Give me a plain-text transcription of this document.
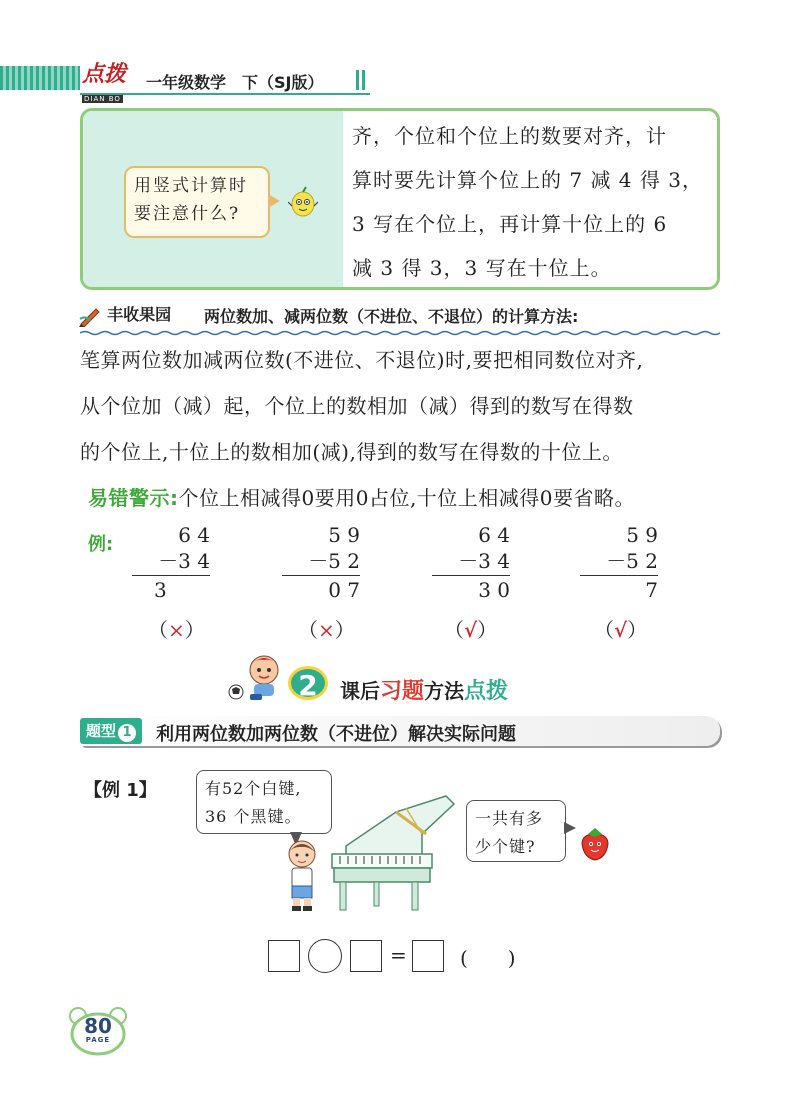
点拨
DIAN BO
一年级数学　下（SJ版）
用竖式计算时要注意什么?
齐，个位和个位上的数要对齐，计
算时要先计算个位上的 7 减 4 得 3，
3 写在个位上，再计算十位上的 6
减 3 得 3，3 写在十位上。
丰收果园 两位数加、减两位数（不进位、不退位）的计算方法:
笔算两位数加减两位数(不进位、不退位)时,要把相同数位对齐,
从个位加（减）起，个位上的数相加（减）得到的数写在得数
的个位上,十位上的数相加(减),得到的数写在得数的十位上。
易错警示:个位上相减得0要用0占位,十位上相减得0要省略。
例:	6 4
－3 4
3
5 9
－5 2
0 7
6 4
－3 4
3 0
5 9
－5 2
7
（×）	（×）	（√）	（√）
2	课后习题方法点拨
题型 1	利用两位数加两位数（不进位）解决实际问题
【例 1】	有52个白键,
36 个黑键。	一共有多
少个键?
=	(　　)
80
PAGE
